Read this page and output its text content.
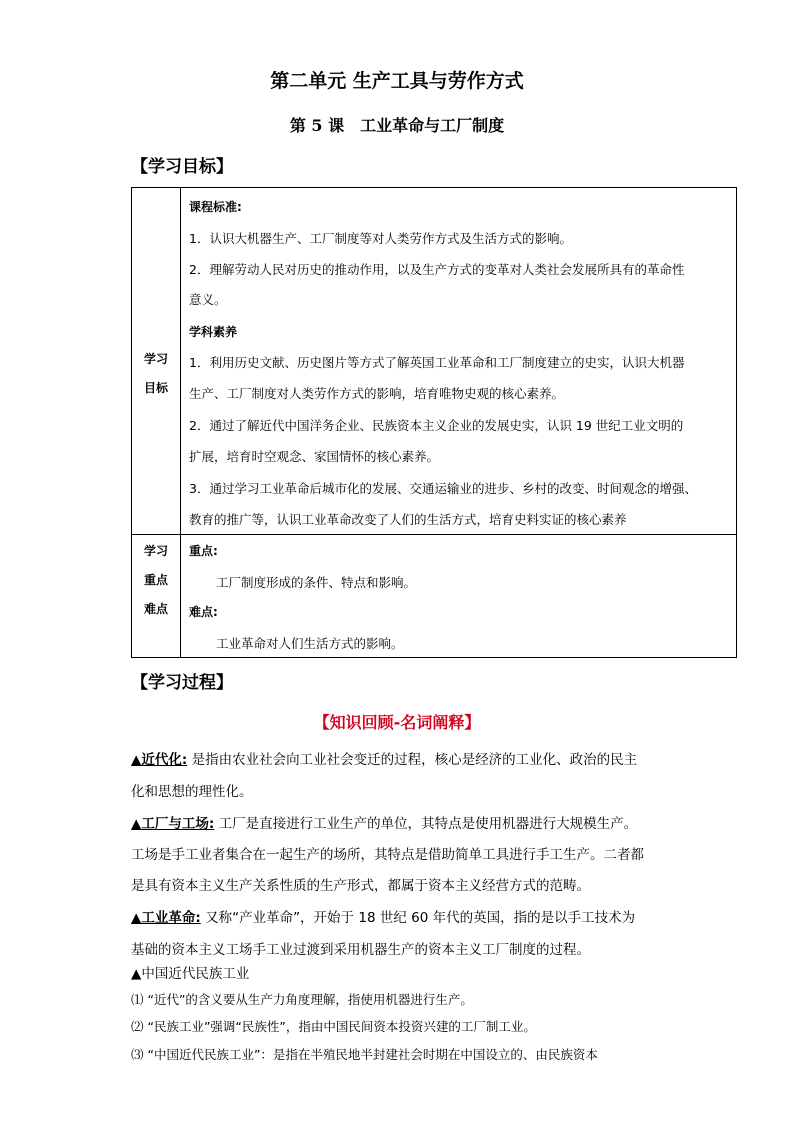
第二单元 生产工具与劳作方式
第 5 课　工业革命与工厂制度
【学习目标】
学习
目标
课程标准:
1．认识大机器生产、工厂制度等对人类劳作方式及生活方式的影响。
2．理解劳动人民对历史的推动作用，以及生产方式的变革对人类社会发展所具有的革命性
意义。
学科素养
1．利用历史文献、历史图片等方式了解英国工业革命和工厂制度建立的史实，认识大机器
生产、工厂制度对人类劳作方式的影响，培育唯物史观的核心素养。
2．通过了解近代中国洋务企业、民族资本主义企业的发展史实，认识 19 世纪工业文明的
扩展，培育时空观念、家国情怀的核心素养。
3．通过学习工业革命后城市化的发展、交通运输业的进步、乡村的改变、时间观念的增强、
教育的推广等，认识工业革命改变了人们的生活方式，培育史料实证的核心素养
学习
重点
难点
重点:
工厂制度形成的条件、特点和影响。
难点:
工业革命对人们生活方式的影响。
【学习过程】
【知识回顾-名词阐释】
▲近代化: 是指由农业社会向工业社会变迁的过程，核心是经济的工业化、政治的民主
化和思想的理性化。
▲工厂与工场: 工厂是直接进行工业生产的单位，其特点是使用机器进行大规模生产。
工场是手工业者集合在一起生产的场所，其特点是借助简单工具进行手工生产。二者都
是具有资本主义生产关系性质的生产形式，都属于资本主义经营方式的范畴。
▲工业革命: 又称“产业革命”，开始于 18 世纪 60 年代的英国，指的是以手工技术为
基础的资本主义工场手工业过渡到采用机器生产的资本主义工厂制度的过程。
▲中国近代民族工业
⑴ “近代”的含义要从生产力角度理解，指使用机器进行生产。
⑵ “民族工业”强调“民族性”，指由中国民间资本投资兴建的工厂制工业。
⑶ “中国近代民族工业”：是指在半殖民地半封建社会时期在中国设立的、由民族资本
